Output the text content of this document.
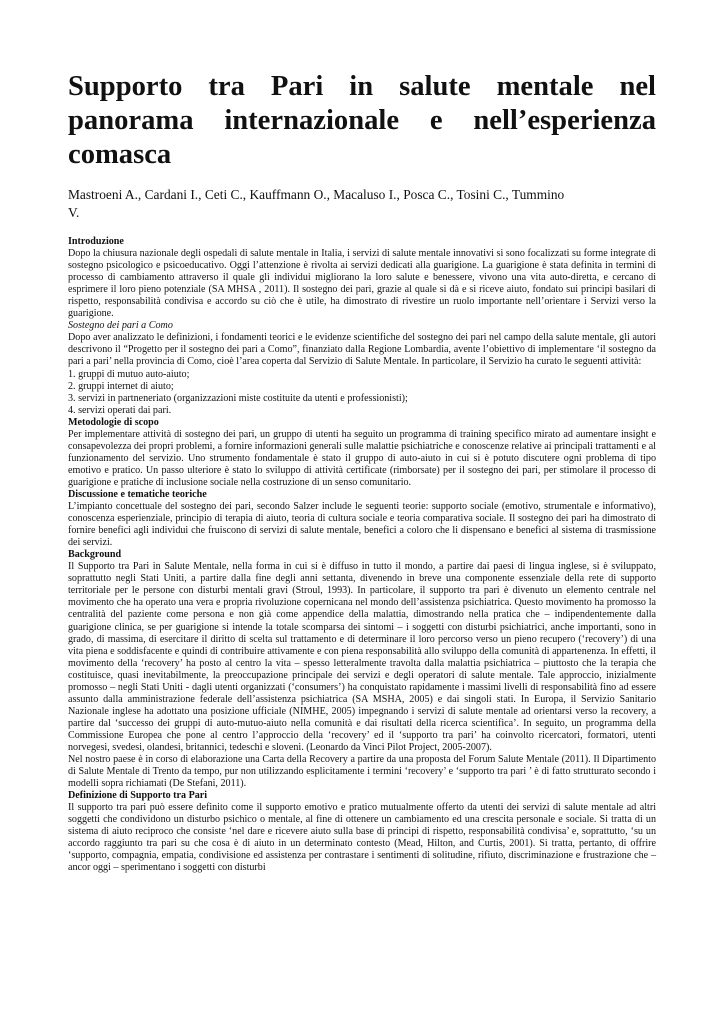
Supporto tra Pari in salute mentale nel panorama internazionale e nell’esperienza comasca

Mastroeni A., Cardani I., Ceti C., Kauffmann O., Macaluso I., Posca C., Tosini C., Tummino V.

Introduzione

Dopo la chiusura nazionale degli ospedali di salute mentale in Italia, i servizi di salute mentale innovativi si sono focalizzati su forme integrate di sostegno psicologico e psicoeducativo. Oggi l’attenzione è rivolta ai servizi dedicati alla guarigione. La guarigione è stata definita in termini di processo di cambiamento attraverso il quale gli individui migliorano la loro salute e benessere, vivono una vita auto-diretta, e cercano di esprimere il loro pieno potenziale (SA MHSA , 2011). Il sostegno dei pari, grazie al quale si dà e si riceve aiuto, fondato sui principi basilari di rispetto, responsabilità condivisa e accordo su ciò che è utile, ha dimostrato di rivestire un ruolo importante nell’orientare i Servizi verso la guarigione.

Sostegno dei pari a Como

Dopo aver analizzato le definizioni, i fondamenti teorici e le evidenze scientifiche del sostegno dei pari nel campo della salute mentale, gli autori descrivono il “Progetto per il sostegno dei pari a Como”, finanziato dalla Regione Lombardia, avente l’obiettivo di implementare ‘il sostegno da pari a pari’ nella provincia di Como, cioè l’area coperta dal Servizio di Salute Mentale. In particolare, il Servizio ha curato le seguenti attività:

1. gruppi di mutuo auto-aiuto;
2. gruppi internet di aiuto;
3. servizi in partneneriato (organizzazioni miste costituite da utenti e professionisti);
4. servizi operati dai pari.

Metodologie di scopo

Per implementare attività di sostegno dei pari, un gruppo di utenti ha seguito un programma di training specifico mirato ad aumentare insight e consapevolezza dei propri problemi, a fornire informazioni generali sulle malattie psichiatriche e conoscenze relative ai principali trattamenti e al funzionamento del servizio. Uno strumento fondamentale è stato il gruppo di auto-aiuto in cui si è potuto discutere ogni problema di tipo emotivo e pratico. Un passo ulteriore è stato lo sviluppo di attività certificate (rimborsate) per il sostegno dei pari, per stimolare il processo di guarigione e pratiche di inclusione sociale nella costruzione di un senso comunitario.

Discussione e tematiche teoriche

L’impianto concettuale del sostegno dei pari, secondo Salzer include le seguenti teorie: supporto sociale (emotivo, strumentale e informativo), conoscenza esperienziale, principio di terapia di aiuto, teoria di cultura sociale e teoria comparativa sociale. Il sostegno dei pari ha dimostrato di fornire benefici agli individui che fruiscono di servizi di salute mentale, benefici a coloro che li dispensano e benefici al sistema di trasmissione dei servizi.

Background

Il Supporto tra Pari in Salute Mentale, nella forma in cui si è diffuso in tutto il mondo, a partire dai paesi di lingua inglese, si è sviluppato, soprattutto negli Stati Uniti, a partire dalla fine degli anni settanta, divenendo in breve una componente essenziale della rete di supporto territoriale per le persone con disturbi mentali gravi (Stroul, 1993). In particolare, il supporto tra pari è divenuto un elemento centrale nel movimento che ha operato una vera e propria rivoluzione copernicana nel mondo dell’assistenza psichiatrica. Questo movimento ha promosso la centralità del paziente come persona e non già come appendice della malattia, dimostrando nella pratica che – indipendentemente dalla guarigione clinica, se per guarigione si intende la totale scomparsa dei sintomi – i soggetti con disturbi psichiatrici, anche importanti, sono in grado, di massima, di esercitare il diritto di scelta sul trattamento e di determinare il loro percorso verso un pieno recupero (‘recovery’) di una vita piena e soddisfacente e quindi di contribuire attivamente e con piena responsabilità allo sviluppo della comunità di appartenenza. In effetti, il movimento della ‘recovery’ ha posto al centro la vita – spesso letteralmente travolta dalla malattia psichiatrica – piuttosto che la terapia che costituisce, quasi inevitabilmente, la preoccupazione principale dei servizi e degli operatori di salute mentale. Tale approccio, inizialmente promosso – negli Stati Uniti - dagli utenti organizzati (‘consumers’) ha conquistato rapidamente i massimi livelli di responsabilità fino ad essere assunto dalla amministrazione federale dell’assistenza psichiatrica (SA MSHA, 2005) e dai singoli stati. In Europa, il Servizio Sanitario Nazionale inglese ha adottato una posizione ufficiale (NIMHE, 2005) impegnando i servizi di salute mentale ad orientarsi verso la recovery, a partire dal ‘successo dei gruppi di auto-mutuo-aiuto nella comunità e dai risultati della ricerca scientifica’. In seguito, un programma della Commissione Europea che pone al centro l’approccio della ‘recovery’ ed il ‘supporto tra pari’ ha coinvolto ricercatori, formatori, utenti norvegesi, svedesi, olandesi, britannici, tedeschi e sloveni. (Leonardo da Vinci Pilot Project, 2005-2007).

Nel nostro paese è in corso di elaborazione una Carta della Recovery a partire da una proposta del Forum Salute Mentale (2011). Il Dipartimento di Salute Mentale di Trento da tempo, pur non utilizzando esplicitamente i termini ‘recovery’ e ‘supporto tra pari ’ è di fatto strutturato secondo i modelli sopra richiamati (De Stefani, 2011).

Definizione di Supporto tra Pari

Il supporto tra pari può essere definito come il supporto emotivo e pratico mutualmente offerto da utenti dei servizi di salute mentale ad altri soggetti che condividono un disturbo psichico o mentale, al fine di ottenere un cambiamento ed una crescita personale e sociale. Si tratta di un sistema di aiuto reciproco che consiste ‘nel dare e ricevere aiuto sulla base di principi di rispetto, responsabilità condivisa’ e, soprattutto, ‘su un accordo raggiunto tra pari su che cosa è di aiuto in un determinato contesto (Mead, Hilton, and Curtis, 2001). Si tratta, pertanto, di offrire ‘supporto, compagnia, empatia, condivisione ed assistenza per contrastare i sentimenti di solitudine, rifiuto, discriminazione e frustrazione che – ancor oggi – sperimentano i soggetti con disturbi
